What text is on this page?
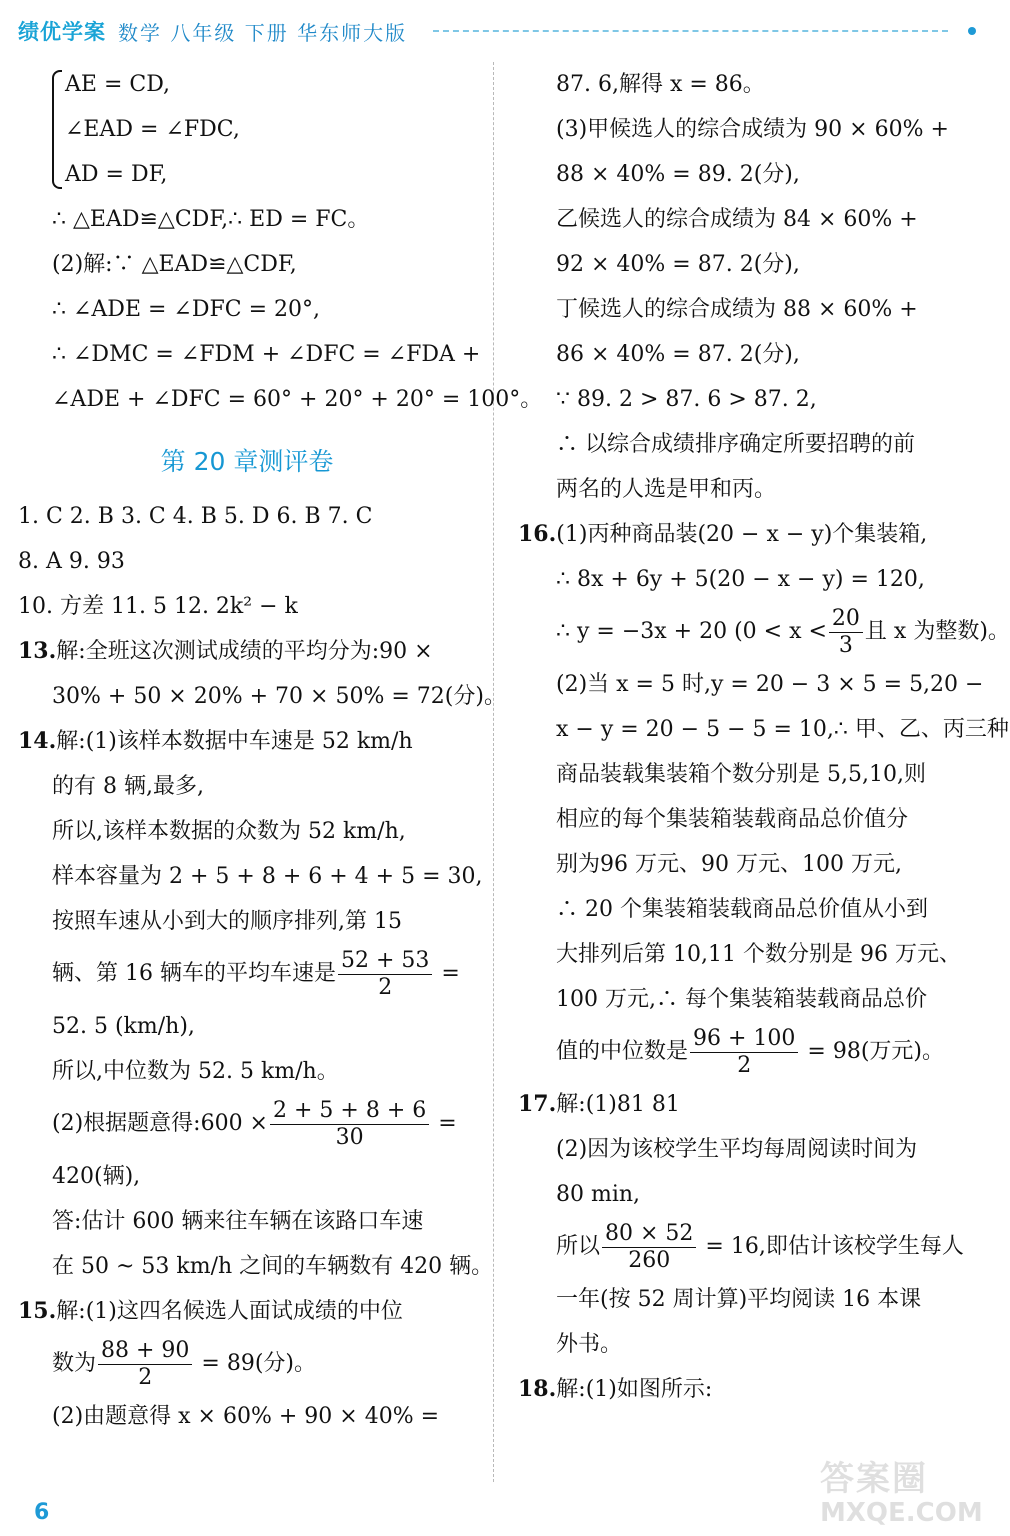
绩优学案 数学 八年级 下册 华东师大版
AE = CD,
∠EAD = ∠FDC,
AD = DF,
∴ △EAD≌△CDF,∴ ED = FC。
(2)解:∵ △EAD≌△CDF,
∴ ∠ADE = ∠DFC = 20°,
∴ ∠DMC = ∠FDM + ∠DFC = ∠FDA +
∠ADE + ∠DFC = 60° + 20° + 20° = 100°。
第 20 章测评卷
1. C 2. B 3. C 4. B 5. D 6. B 7. C
8. A 9. 93
10. 方差 11. 5 12. 2k² − k
13.解:全班这次测试成绩的平均分为:90 ×
30% + 50 × 20% + 70 × 50% = 72(分)。
14.解:(1)该样本数据中车速是 52 km/h
的有 8 辆,最多,
所以,该样本数据的众数为 52 km/h,
样本容量为 2 + 5 + 8 + 6 + 4 + 5 = 30,
按照车速从小到大的顺序排列,第 15
辆、第 16 辆车的平均车速是 $\frac{52 + 53}{2}$ =
52. 5 (km/h),
所以,中位数为 52. 5 km/h。
(2)根据题意得:600 × $\frac{2 + 5 + 8 + 6}{30}$ =
420(辆),
答:估计 600 辆来往车辆在该路口车速
在 50 ~ 53 km/h 之间的车辆数有 420 辆。
15.解:(1)这四名候选人面试成绩的中位
数为 $\frac{88 + 90}{2} = 89$(分)。
(2)由题意得 x × 60% + 90 × 40% =
87. 6,解得 x = 86。
(3)甲候选人的综合成绩为 90 × 60% +
88 × 40% = 89. 2(分),
乙候选人的综合成绩为 84 × 60% +
92 × 40% = 87. 2(分),
丁候选人的综合成绩为 88 × 60% +
86 × 40% = 87. 2(分),
∵ 89. 2 > 87. 6 > 87. 2,
∴ 以综合成绩排序确定所要招聘的前
两名的人选是甲和丙。
16.(1)丙种商品装(20 − x − y)个集装箱,
∴ 8x + 6y + 5(20 − x − y) = 120,
∴ y = −3x + 20 ($0 < x < \frac{20}{3}$ 且 x 为整数)。
(2)当 x = 5 时,y = 20 − 3 × 5 = 5,20 −
x − y = 20 − 5 − 5 = 10,∴ 甲、乙、丙三种
商品装载集装箱个数分别是 5,5,10,则
相应的每个集装箱装载商品总价值分
别为96 万元、90 万元、100 万元,
∴ 20 个集装箱装载商品总价值从小到
大排列后第 10,11 个数分别是 96 万元、
100 万元,∴ 每个集装箱装载商品总价
值的中位数是 $\frac{96 + 100}{2} = 98$(万元)。
17.解:(1)81 81
(2)因为该校学生平均每周阅读时间为
80 min,
所以 $\frac{80 \times 52}{260} = 16$,即估计该校学生每人
一年(按 52 周计算)平均阅读 16 本课
外书。
18.解:(1)如图所示:
6
答案圈
MXQE.COM
